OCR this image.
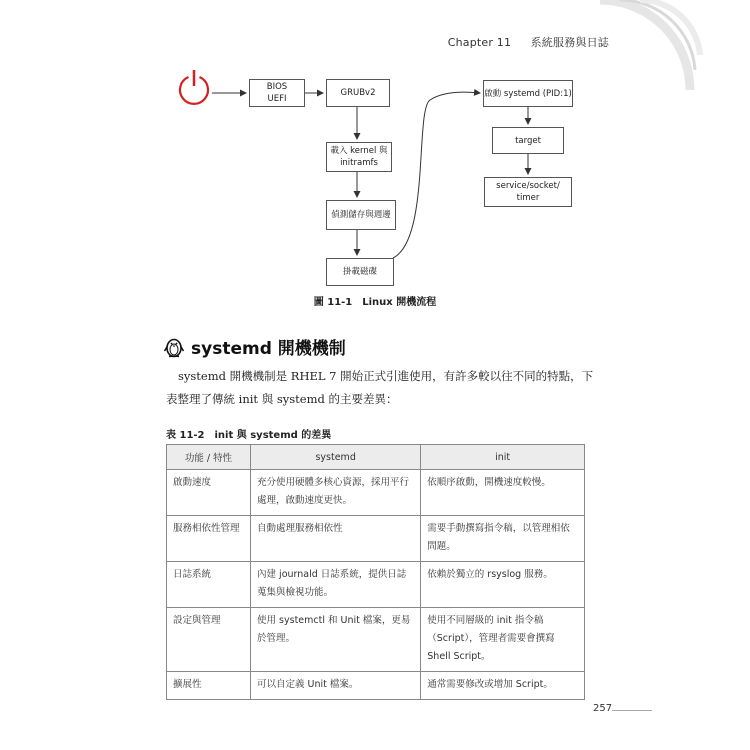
Chapter 11 系統服務與日誌
BIOS
UEFI
GRUBv2
載入 kernel 與
initramfs
偵測儲存與週邊
掛載磁碟
啟動 systemd (PID:1)
target
service/socket/
timer
圖 11-1　Linux 開機流程
systemd 開機機制
systemd 開機機制是 RHEL 7 開始正式引進使用，有許多較以往不同的特點，下
表整理了傳統 init 與 systemd 的主要差異：
表 11-2　init 與 systemd 的差異
功能 / 特性	systemd	init
啟動速度	充分使用硬體多核心資源，採用平行處理，啟動速度更快。	依順序啟動，開機速度較慢。
服務相依性管理	自動處理服務相依性	需要手動撰寫指令稿，以管理相依問題。
日誌系統	內建 journald 日誌系統，提供日誌蒐集與檢視功能。	依賴於獨立的 rsyslog 服務。
設定與管理	使用 systemctl 和 Unit 檔案，更易於管理。	使用不同層級的 init 指令稿（Script），管理者需要會撰寫 Shell Script。
擴展性	可以自定義 Unit 檔案。	通常需要修改或增加 Script。
257
